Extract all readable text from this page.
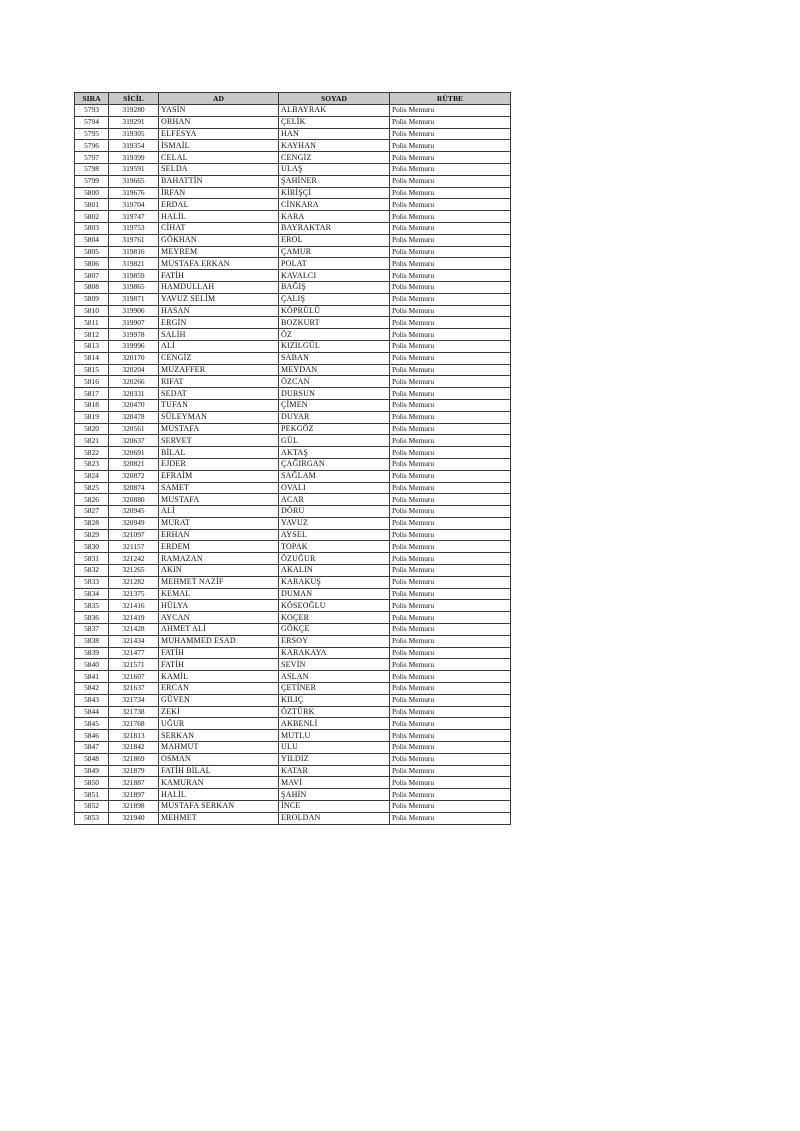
SIRA	SİCİL	AD	SOYAD	RÜTBE
5793	319280	YASİN	ALBAYRAK	Polis Memuru
5794	319291	ORHAN	ÇELİK	Polis Memuru
5795	319305	ELFESYA	HAN	Polis Memuru
5796	319354	İSMAİL	KAYHAN	Polis Memuru
5797	319399	CELAL	CENGİZ	Polis Memuru
5798	319591	SELDA	ULAŞ	Polis Memuru
5799	319665	BAHATTİN	ŞAHİNER	Polis Memuru
5800	319676	İRFAN	KİRİŞÇİ	Polis Memuru
5801	319704	ERDAL	CİNKARA	Polis Memuru
5802	319747	HALİL	KARA	Polis Memuru
5803	319753	CİHAT	BAYRAKTAR	Polis Memuru
5804	319761	GÖKHAN	EROL	Polis Memuru
5805	319816	MEYREM	ÇAMUR	Polis Memuru
5806	319821	MUSTAFA ERKAN	POLAT	Polis Memuru
5807	319859	FATİH	KAVALCI	Polis Memuru
5808	319865	HAMDULLAH	BAĞIŞ	Polis Memuru
5809	319871	YAVUZ SELİM	ÇALIŞ	Polis Memuru
5810	319906	HASAN	KÖPRÜLÜ	Polis Memuru
5811	319907	ERGİN	BOZKURT	Polis Memuru
5812	319978	SALİH	ÖZ	Polis Memuru
5813	319996	ALİ	KIZILGÜL	Polis Memuru
5814	320170	CENGİZ	SABAN	Polis Memuru
5815	320204	MUZAFFER	MEYDAN	Polis Memuru
5816	320266	RIFAT	ÖZCAN	Polis Memuru
5817	320331	SEDAT	DURSUN	Polis Memuru
5818	320470	TUFAN	ÇİMEN	Polis Memuru
5819	320478	SÜLEYMAN	DUYAR	Polis Memuru
5820	320561	MUSTAFA	PEKGÖZ	Polis Memuru
5821	320637	SERVET	GÜL	Polis Memuru
5822	320691	BİLAL	AKTAŞ	Polis Memuru
5823	320821	EJDER	ÇAĞIRGAN	Polis Memuru
5824	320872	EFRAİM	SAĞLAM	Polis Memuru
5825	320874	SAMET	OVALI	Polis Memuru
5826	320880	MUSTAFA	ACAR	Polis Memuru
5827	320945	ALİ	DÖRU	Polis Memuru
5828	320949	MURAT	YAVUZ	Polis Memuru
5829	321097	ERHAN	AYSEL	Polis Memuru
5830	321157	ERDEM	TOPAK	Polis Memuru
5831	321242	RAMAZAN	ÖZUĞUR	Polis Memuru
5832	321265	AKIN	AKALIN	Polis Memuru
5833	321282	MEHMET NAZİF	KARAKUŞ	Polis Memuru
5834	321375	KEMAL	DUMAN	Polis Memuru
5835	321416	HÜLYA	KÖSEOĞLU	Polis Memuru
5836	321419	AYCAN	KOÇER	Polis Memuru
5837	321428	AHMET ALİ	GÖKÇE	Polis Memuru
5838	321434	MUHAMMED ESAD	ERSOY	Polis Memuru
5839	321477	FATİH	KARAKAYA	Polis Memuru
5840	321571	FATİH	SEVİN	Polis Memuru
5841	321607	KAMİL	ASLAN	Polis Memuru
5842	321637	ERCAN	ÇETİNER	Polis Memuru
5843	321734	GÜVEN	KILIÇ	Polis Memuru
5844	321738	ZEKİ	ÖZTÜRK	Polis Memuru
5845	321768	UĞUR	AKBENLİ	Polis Memuru
5846	321813	SERKAN	MUTLU	Polis Memuru
5847	321842	MAHMUT	ULU	Polis Memuru
5848	321869	OSMAN	YILDIZ	Polis Memuru
5849	321879	FATİH BİLAL	KATAR	Polis Memuru
5850	321887	KAMURAN	MAVİ	Polis Memuru
5851	321897	HALİL	ŞAHİN	Polis Memuru
5852	321898	MUSTAFA SERKAN	İNCE	Polis Memuru
5853	321940	MEHMET	EROLDAN	Polis Memuru
